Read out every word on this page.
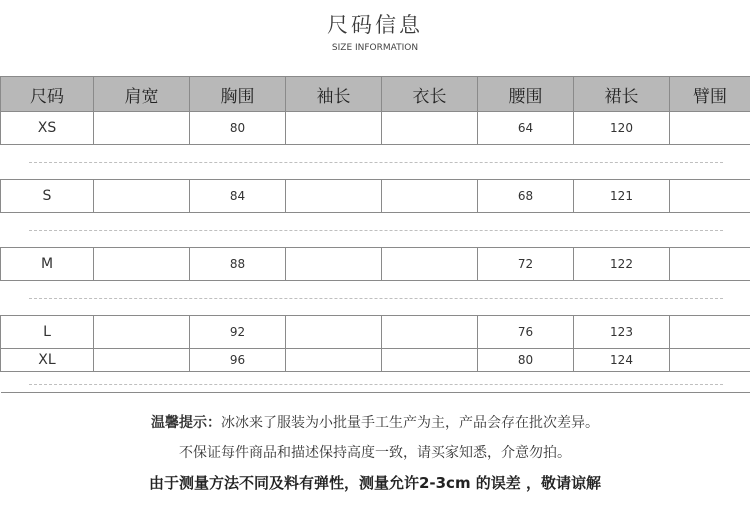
尺码信息
SIZE INFORMATION
尺码	肩宽	胸围	袖长	衣长	腰围	裙长	臂围
XS		80			64	120	

S		84			68	121	

M		88			72	122	

L		92			76	123	
XL		96			80	124	

温馨提示：冰冰来了服装为小批量手工生产为主，产品会存在批次差异。
不保证每件商品和描述保持高度一致，请买家知悉，介意勿拍。
由于测量方法不同及料有弹性，测量允许2-3cm 的误差 ，敬请谅解
